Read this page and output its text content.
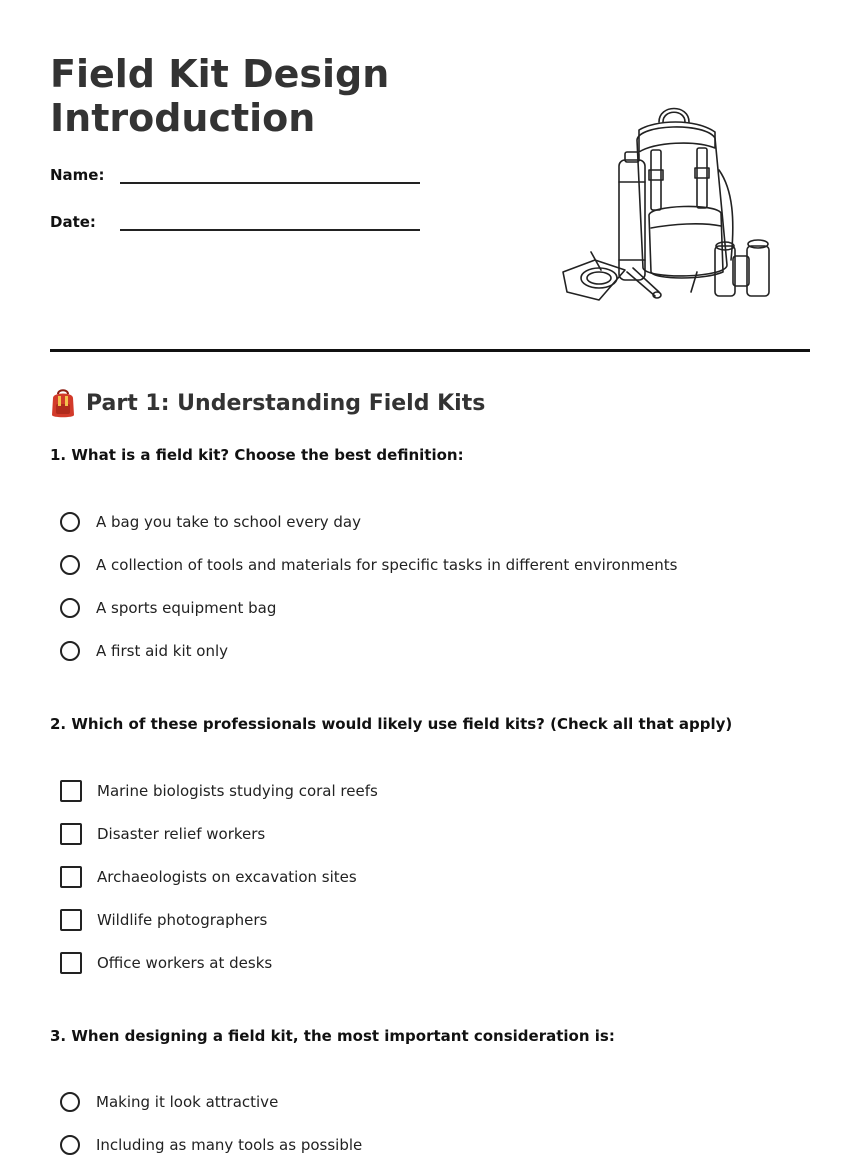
Field Kit Design
Introduction
Name:
Date:
Part 1: Understanding Field Kits
1. What is a field kit? Choose the best definition:
A bag you take to school every day
A collection of tools and materials for specific tasks in different environments
A sports equipment bag
A first aid kit only
2. Which of these professionals would likely use field kits? (Check all that apply)
Marine biologists studying coral reefs
Disaster relief workers
Archaeologists on excavation sites
Wildlife photographers
Office workers at desks
3. When designing a field kit, the most important consideration is:
Making it look attractive
Including as many tools as possible
